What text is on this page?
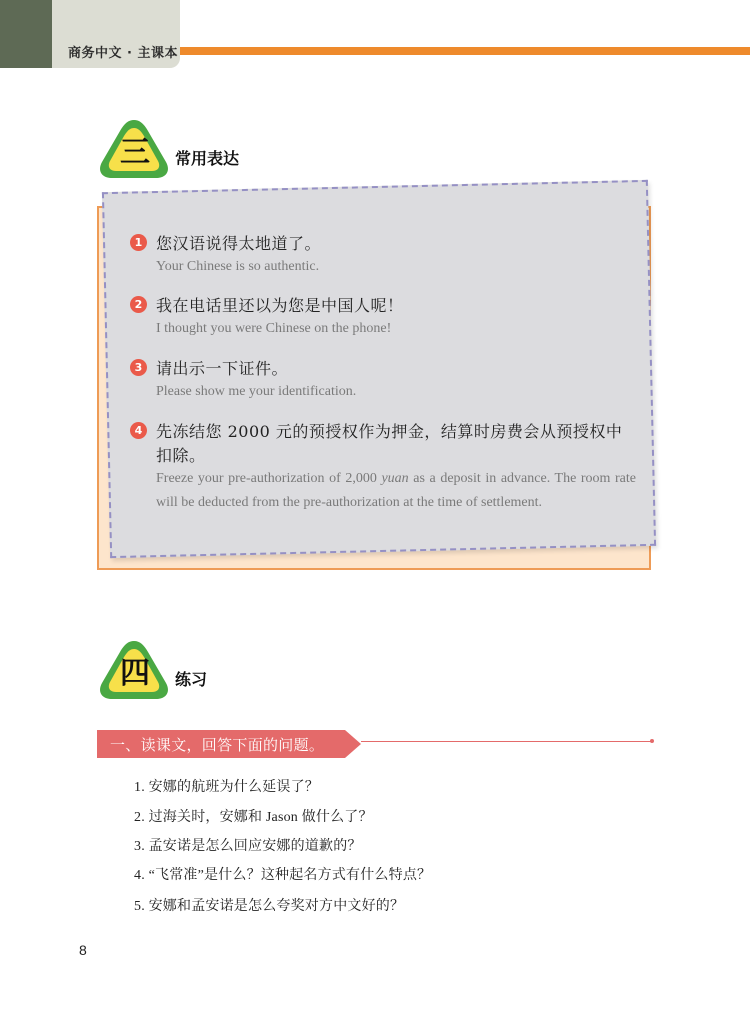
商务中文 · 主课本
三 常用表达
1 您汉语说得太地道了。
Your Chinese is so authentic.
2 我在电话里还以为您是中国人呢！
I thought you were Chinese on the phone!
3 请出示一下证件。
Please show me your identification.
4 先冻结您 2000 元的预授权作为押金，结算时房费会从预授权中扣除。
Freeze your pre-authorization of 2,000 yuan as a deposit in advance. The room rate will be deducted from the pre-authorization at the time of settlement.
四 练习
一、读课文，回答下面的问题。
1. 安娜的航班为什么延误了？
2. 过海关时，安娜和 Jason 做什么了？
3. 孟安诺是怎么回应安娜的道歉的？
4. “飞常准”是什么？这种起名方式有什么特点？
5. 安娜和孟安诺是怎么夸奖对方中文好的？
8
